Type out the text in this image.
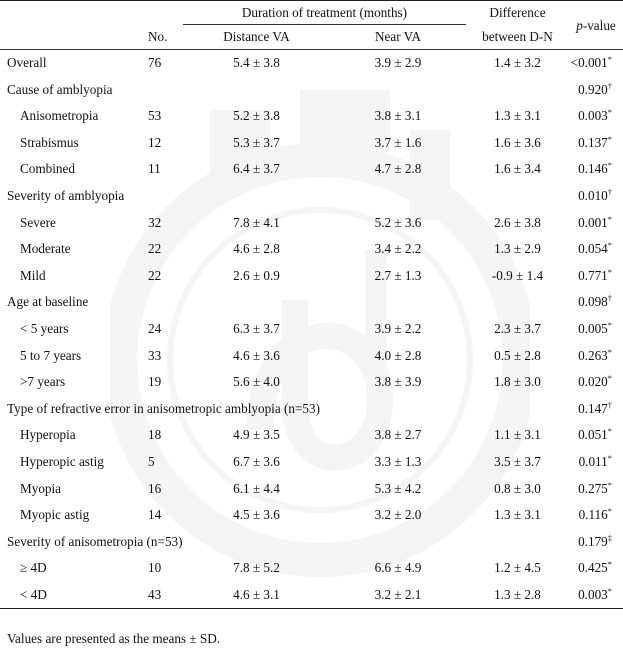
		Duration of treatment (months)		Difference	p-value
	No.	Distance VA	Near VA	between D-N	
Overall	76	5.4 ± 3.8	3.9 ± 2.9	1.4 ± 3.2	<0.001*
Cause of amblyopia					0.920†
Anisometropia	53	5.2 ± 3.8	3.8 ± 3.1	1.3 ± 3.1	0.003*
Strabismus	12	5.3 ± 3.7	3.7 ± 1.6	1.6 ± 3.6	0.137*
Combined	11	6.4 ± 3.7	4.7 ± 2.8	1.6 ± 3.4	0.146*
Severity of amblyopia					0.010†
Severe	32	7.8 ± 4.1	5.2 ± 3.6	2.6 ± 3.8	0.001*
Moderate	22	4.6 ± 2.8	3.4 ± 2.2	1.3 ± 2.9	0.054*
Mild	22	2.6 ± 0.9	2.7 ± 1.3	-0.9 ± 1.4	0.771*
Age at baseline					0.098†
< 5 years	24	6.3 ± 3.7	3.9 ± 2.2	2.3 ± 3.7	0.005*
5 to 7 years	33	4.6 ± 3.6	4.0 ± 2.8	0.5 ± 2.8	0.263*
>7 years	19	5.6 ± 4.0	3.8 ± 3.9	1.8 ± 3.0	0.020*
Type of refractive error in anisometropic amblyopia (n=53)					0.147†
Hyperopia	18	4.9 ± 3.5	3.8 ± 2.7	1.1 ± 3.1	0.051*
Hyperopic astig	5	6.7 ± 3.6	3.3 ± 1.3	3.5 ± 3.7	0.011*
Myopia	16	6.1 ± 4.4	5.3 ± 4.2	0.8 ± 3.0	0.275*
Myopic astig	14	4.5 ± 3.6	3.2 ± 2.0	1.3 ± 3.1	0.116*
Severity of anisometropia (n=53)					0.179‡
≥ 4D	10	7.8 ± 5.2	6.6 ± 4.9	1.2 ± 4.5	0.425*
< 4D	43	4.6 ± 3.1	3.2 ± 2.1	1.3 ± 2.8	0.003*
Values are presented as the means ± SD.
